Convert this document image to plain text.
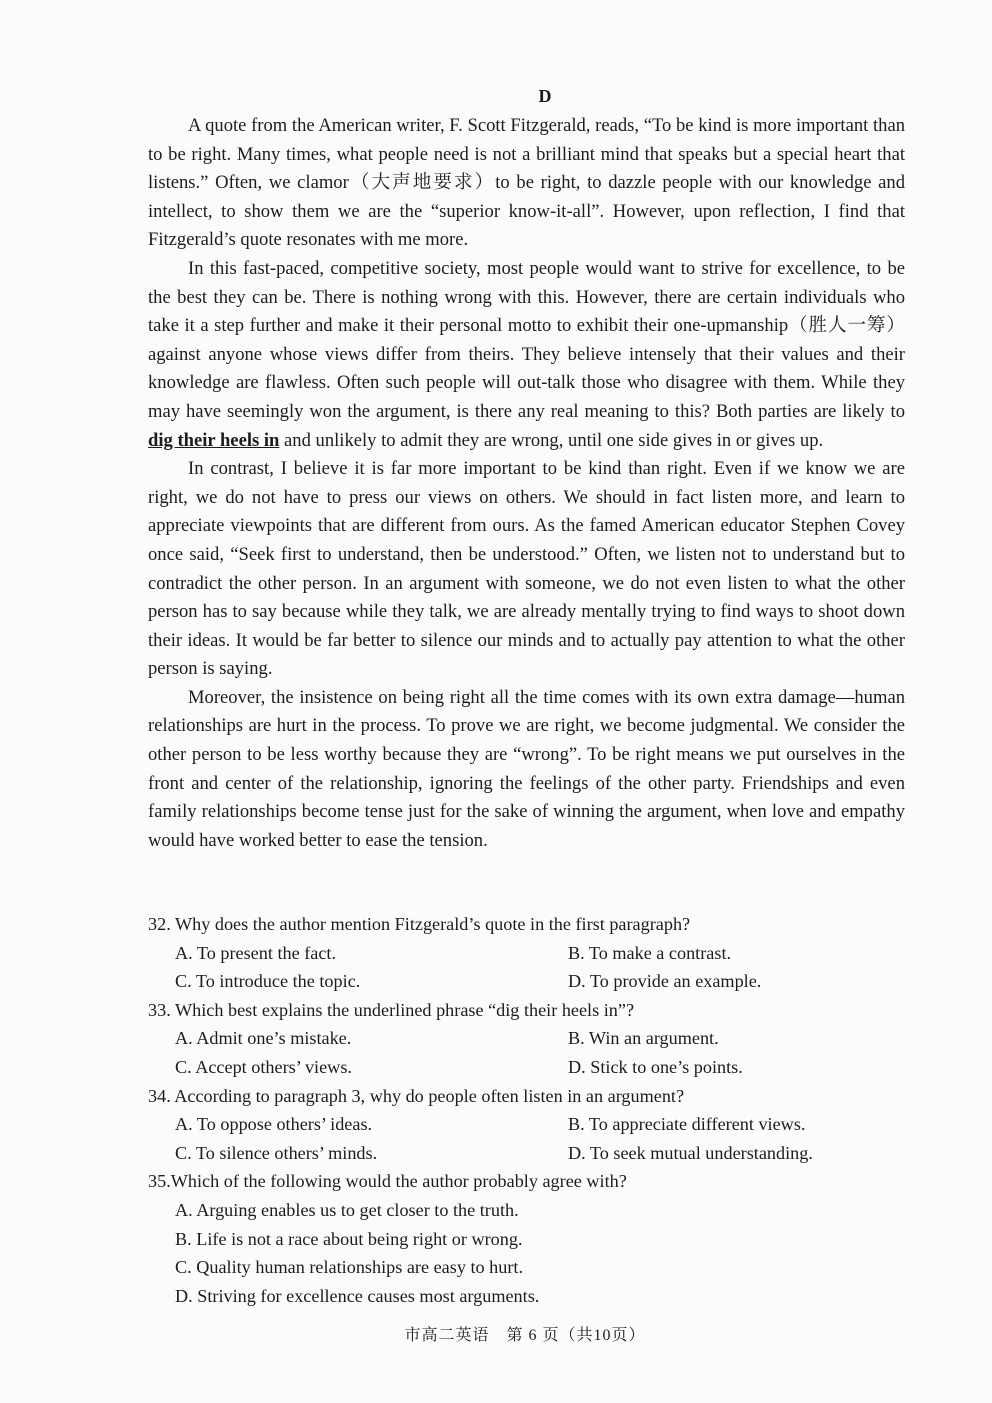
D

A quote from the American writer, F. Scott Fitzgerald, reads, “To be kind is more important than to be right. Many times, what people need is not a brilliant mind that speaks but a special heart that listens.” Often, we clamor（大声地要求）to be right, to dazzle people with our knowledge and intellect, to show them we are the “superior know-it-all”. However, upon reflection, I find that Fitzgerald’s quote resonates with me more.

In this fast-paced, competitive society, most people would want to strive for excellence, to be the best they can be. There is nothing wrong with this. However, there are certain individuals who take it a step further and make it their personal motto to exhibit their one-upmanship（胜人一筹）against anyone whose views differ from theirs. They believe intensely that their values and their knowledge are flawless. Often such people will out-talk those who disagree with them. While they may have seemingly won the argument, is there any real meaning to this? Both parties are likely to dig their heels in and unlikely to admit they are wrong, until one side gives in or gives up.

In contrast, I believe it is far more important to be kind than right. Even if we know we are right, we do not have to press our views on others. We should in fact listen more, and learn to appreciate viewpoints that are different from ours. As the famed American educator Stephen Covey once said, “Seek first to understand, then be understood.” Often, we listen not to understand but to contradict the other person. In an argument with someone, we do not even listen to what the other person has to say because while they talk, we are already mentally trying to find ways to shoot down their ideas. It would be far better to silence our minds and to actually pay attention to what the other person is saying.

Moreover, the insistence on being right all the time comes with its own extra damage—human relationships are hurt in the process. To prove we are right, we become judgmental. We consider the other person to be less worthy because they are “wrong”. To be right means we put ourselves in the front and center of the relationship, ignoring the feelings of the other party. Friendships and even family relationships become tense just for the sake of winning the argument, when love and empathy would have worked better to ease the tension.

32. Why does the author mention Fitzgerald’s quote in the first paragraph?
A. To present the fact.	B. To make a contrast.
C. To introduce the topic.	D. To provide an example.
33. Which best explains the underlined phrase “dig their heels in”?
A. Admit one’s mistake.	B. Win an argument.
C. Accept others’ views.	D. Stick to one’s points.
34. According to paragraph 3, why do people often listen in an argument?
A. To oppose others’ ideas.	B. To appreciate different views.
C. To silence others’ minds.	D. To seek mutual understanding.
35.Which of the following would the author probably agree with?
A. Arguing enables us to get closer to the truth.
B. Life is not a race about being right or wrong.
C. Quality human relationships are easy to hurt.
D. Striving for excellence causes most arguments.
市高二英语　第 6 页（共10页）
